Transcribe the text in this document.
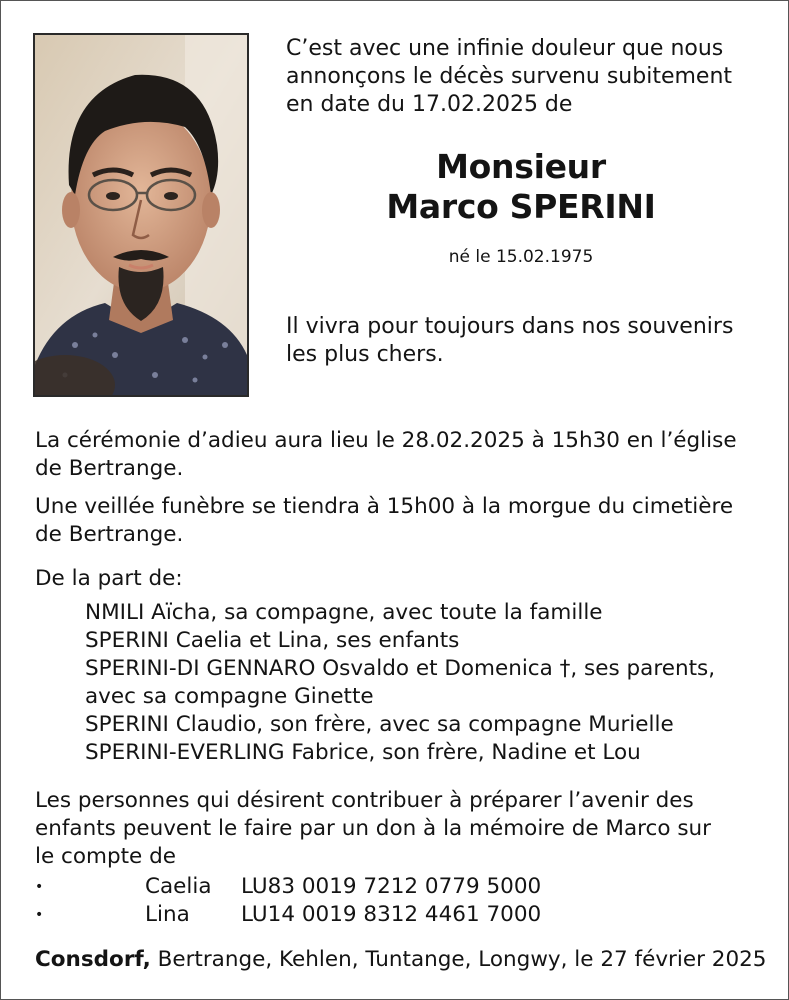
C’est avec une infinie douleur que nous
annonçons le décès survenu subitement
en date du 17.02.2025 de
Monsieur
Marco SPERINI
né le 15.02.1975
Il vivra pour toujours dans nos souvenirs
les plus chers.
La cérémonie d’adieu aura lieu le 28.02.2025 à 15h30 en l’église
de Bertrange.
Une veillée funèbre se tiendra à 15h00 à la morgue du cimetière
de Bertrange.
De la part de:
NMILI Aïcha, sa compagne, avec toute la famille
SPERINI Caelia et Lina, ses enfants
SPERINI-DI GENNARO Osvaldo et Domenica †, ses parents,
avec sa compagne Ginette
SPERINI Claudio, son frère, avec sa compagne Murielle
SPERINI-EVERLING Fabrice, son frère, Nadine et Lou
Les personnes qui désirent contribuer à préparer l’avenir des
enfants peuvent le faire par un don à la mémoire de Marco sur
le compte de
•	Caelia LU83 0019 7212 0779 5000
•	Lina LU14 0019 8312 4461 7000
Consdorf, Bertrange, Kehlen, Tuntange, Longwy, le 27 février 2025
